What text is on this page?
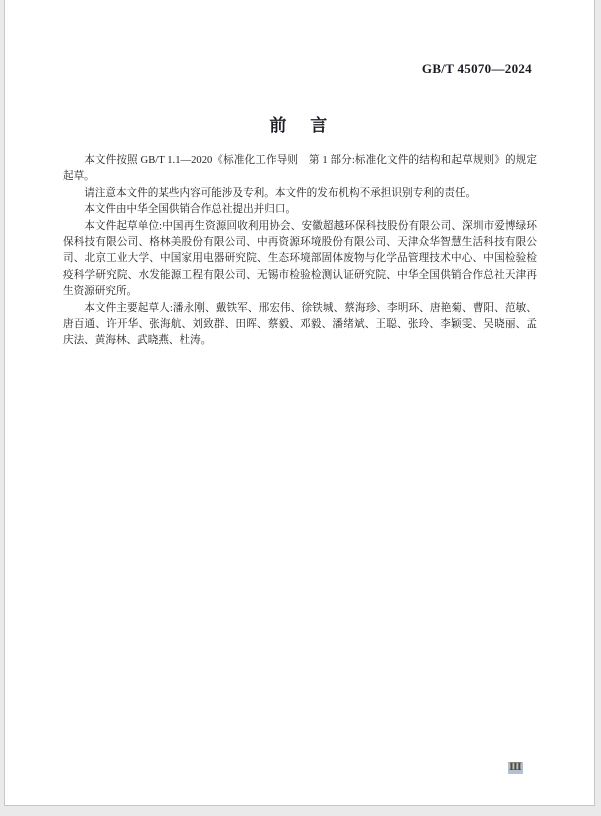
GB/T 45070—2024
前　言

本文件按照 GB/T 1.1—2020《标准化工作导则　第 1 部分:标准化文件的结构和起草规则》的规定起草。

请注意本文件的某些内容可能涉及专利。本文件的发布机构不承担识别专利的责任。

本文件由中华全国供销合作总社提出并归口。

本文件起草单位:中国再生资源回收利用协会、安徽超越环保科技股份有限公司、深圳市爱博绿环保科技有限公司、格林美股份有限公司、中再资源环境股份有限公司、天津众华智慧生活科技有限公司、北京工业大学、中国家用电器研究院、生态环境部固体废物与化学品管理技术中心、中国检验检疫科学研究院、水发能源工程有限公司、无锡市检验检测认证研究院、中华全国供销合作总社天津再生资源研究所。

本文件主要起草人:潘永刚、戴铁军、邢宏伟、徐铁城、蔡海珍、李明环、唐艳菊、曹阳、范敏、唐百通、许开华、张海航、刘致群、田晖、蔡毅、邓毅、潘绪斌、王聪、张玲、李颖雯、吴晓丽、孟庆法、黄海林、武晓燕、杜涛。

Ⅲ
